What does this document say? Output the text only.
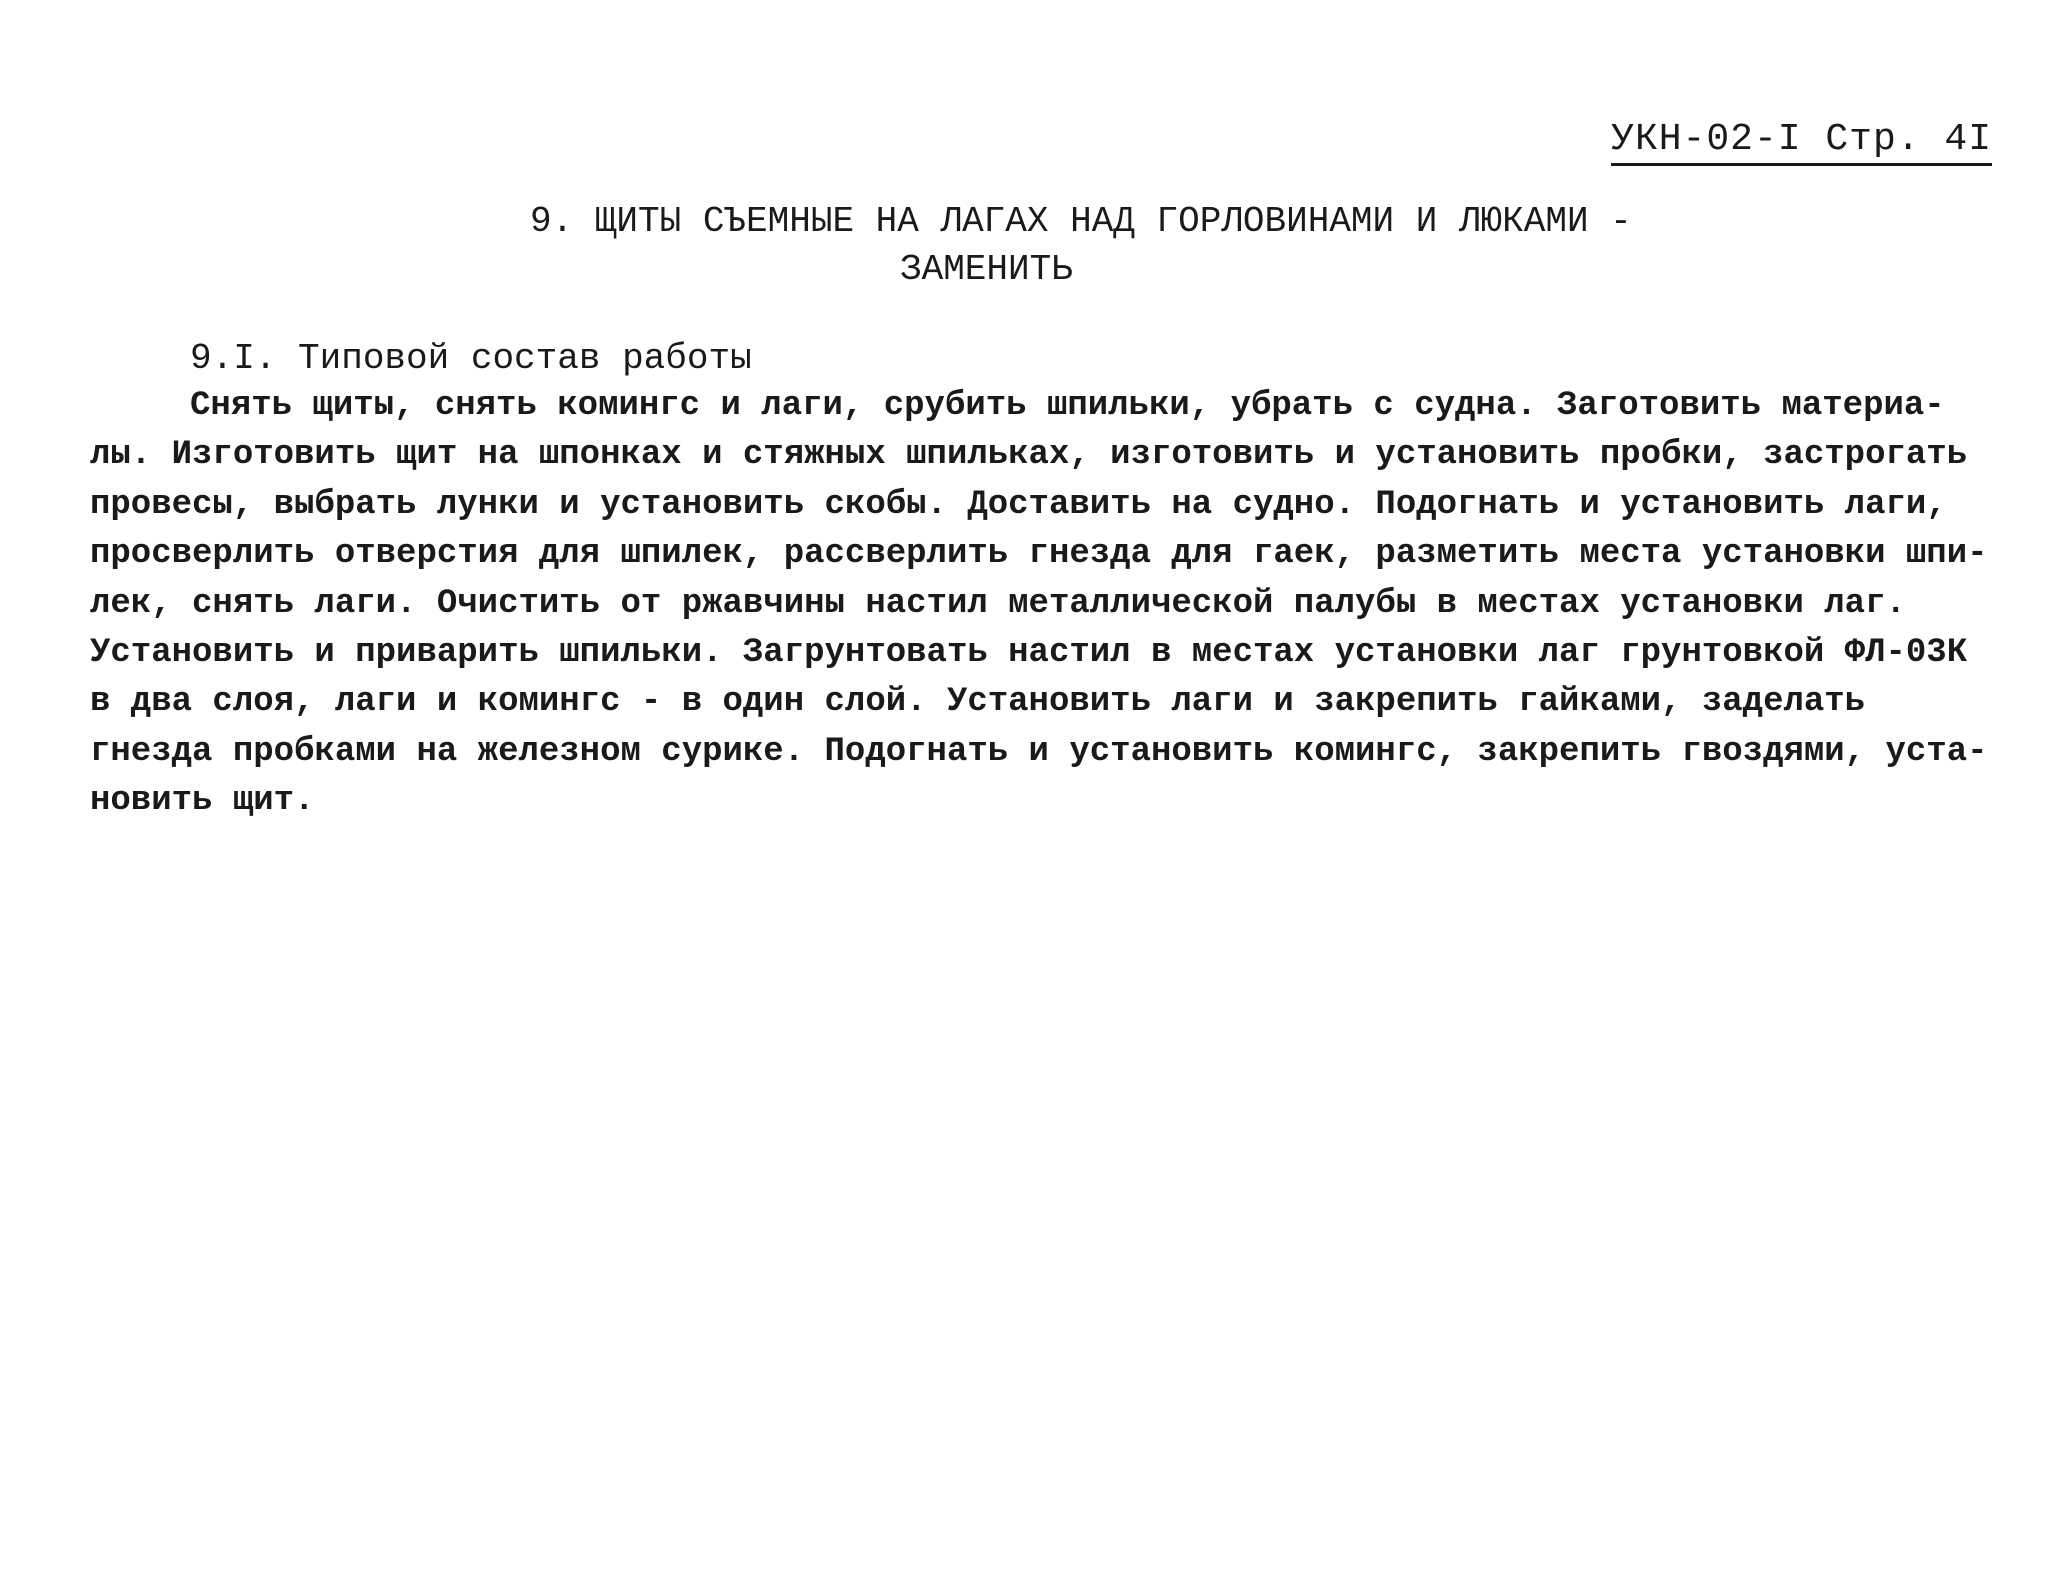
УКН-02-I Стр. 4I
9. ЩИТЫ СЪЕМНЫЕ НА ЛАГАХ НАД ГОРЛОВИНАМИ И ЛЮКАМИ -
ЗАМЕНИТЬ
9.I. Типовой состав работы
Снять щиты, снять комингс и лаги, срубить шпильки, убрать с судна. Заготовить материа-
лы. Изготовить щит на шпонках и стяжных шпильках, изготовить и установить пробки, застрогать
провесы, выбрать лунки и установить скобы. Доставить на судно. Подогнать и установить лаги,
просверлить отверстия для шпилек, рассверлить гнезда для гаек, разметить места установки шпи-
лек, снять лаги. Очистить от ржавчины настил металлической палубы в местах установки лаг.
Установить и приварить шпильки. Загрунтовать настил в местах установки лаг грунтовкой ФЛ-03К
в два слоя, лаги и комингс - в один слой. Установить лаги и закрепить гайками, заделать
гнезда пробками на железном сурике. Подогнать и установить комингс, закрепить гвоздями, уста-
новить щит.
